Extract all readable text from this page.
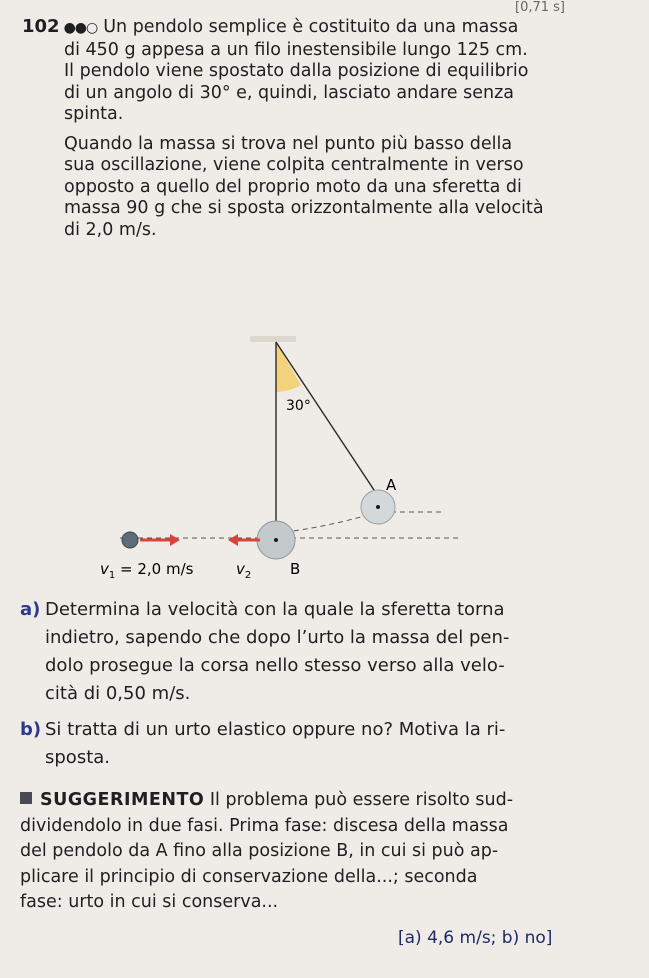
[0,71 s]

102 ●●○ Un pendolo semplice è costituito da una massa

di 450 g appesa a un filo inestensibile lungo 125 cm.

Il pendolo viene spostato dalla posizione di equilibrio

di un angolo di 30° e, quindi, lasciato andare senza

spinta.

Quando la massa si trova nel punto più basso della

sua oscillazione, viene colpita centralmente in verso

opposto a quello del proprio moto da una sferetta di

massa 90 g che si sposta orizzontalmente alla velocità

di 2,0 m/s.

30°
A
$v_1 = 2,0$ m/s	$v_2$	B
a) Determina la velocità con la quale la sferetta torna
indietro, sapendo che dopo l’urto la massa del pen-
dolo prosegue la corsa nello stesso verso alla velo-
cità di 0,50 m/s.
b) Si tratta di un urto elastico oppure no? Motiva la ri-
sposta.

SUGGERIMENTO Il problema può essere risolto sud-

dividendolo in due fasi. Prima fase: discesa della massa

del pendolo da A fino alla posizione B, in cui si può ap-

plicare il principio di conservazione della...; seconda

fase: urto in cui si conserva...

[a) 4,6 m/s; b) no]
